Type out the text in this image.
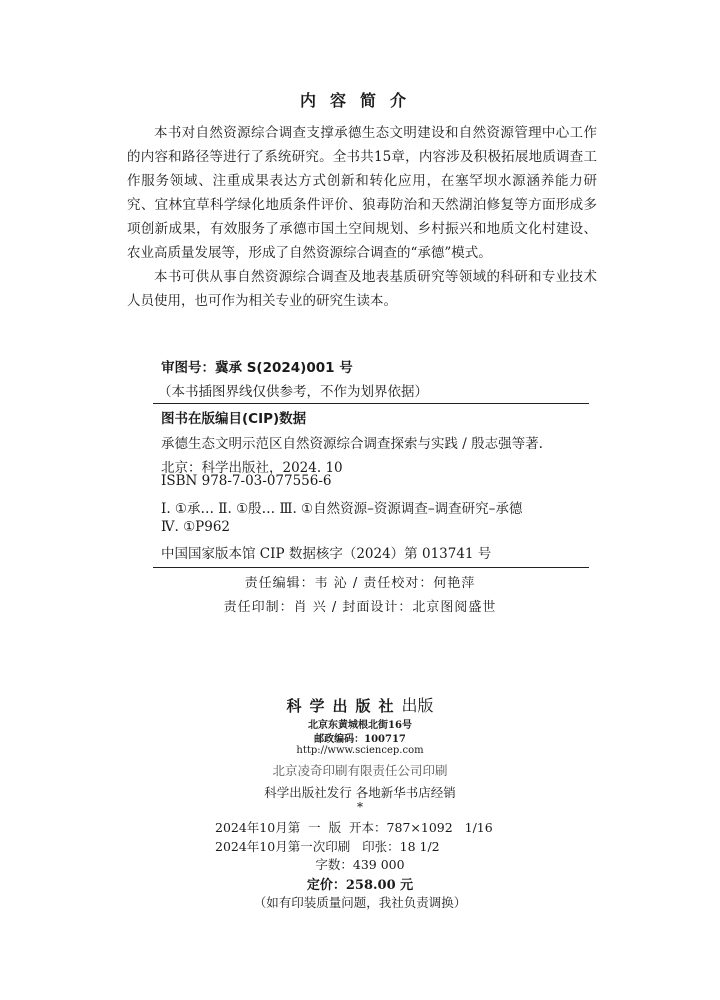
内容简介

本书对自然资源综合调查支撑承德生态文明建设和自然资源管理中心工作的内容和路径等进行了系统研究。全书共15章，内容涉及积极拓展地质调查工作服务领域、注重成果表达方式创新和转化应用，在塞罕坝水源涵养能力研究、宜林宜草科学绿化地质条件评价、狼毒防治和天然湖泊修复等方面形成多项创新成果，有效服务了承德市国土空间规划、乡村振兴和地质文化村建设、农业高质量发展等，形成了自然资源综合调查的“承德”模式。

本书可供从事自然资源综合调查及地表基质研究等领域的科研和专业技术人员使用，也可作为相关专业的研究生读本。

审图号：冀承 S(2024)001 号
（本书插图界线仅供参考，不作为划界依据）
图书在版编目(CIP)数据
承德生态文明示范区自然资源综合调查探索与实践 / 殷志强等著.
北京：科学出版社，2024. 10
ISBN 978-7-03-077556-6
Ⅰ. ①承… Ⅱ. ①殷… Ⅲ. ①自然资源–资源调查–调查研究–承德
Ⅳ. ①P962
中国国家版本馆 CIP 数据核字（2024）第 013741 号
责任编辑：韦 沁 / 责任校对：何艳萍
责任印制：肖 兴 / 封面设计：北京图阅盛世
科学出版社出版
北京东黄城根北街16号
邮政编码：100717
http://www.sciencep.com
北京凌奇印刷有限责任公司印刷
科学出版社发行 各地新华书店经销
*
2024年10月第  一  版  开本：787×1092   1/16
2024年10月第一次印刷   印张：18 1/2
字数：439 000
定价：258.00 元
（如有印装质量问题，我社负责调换）
